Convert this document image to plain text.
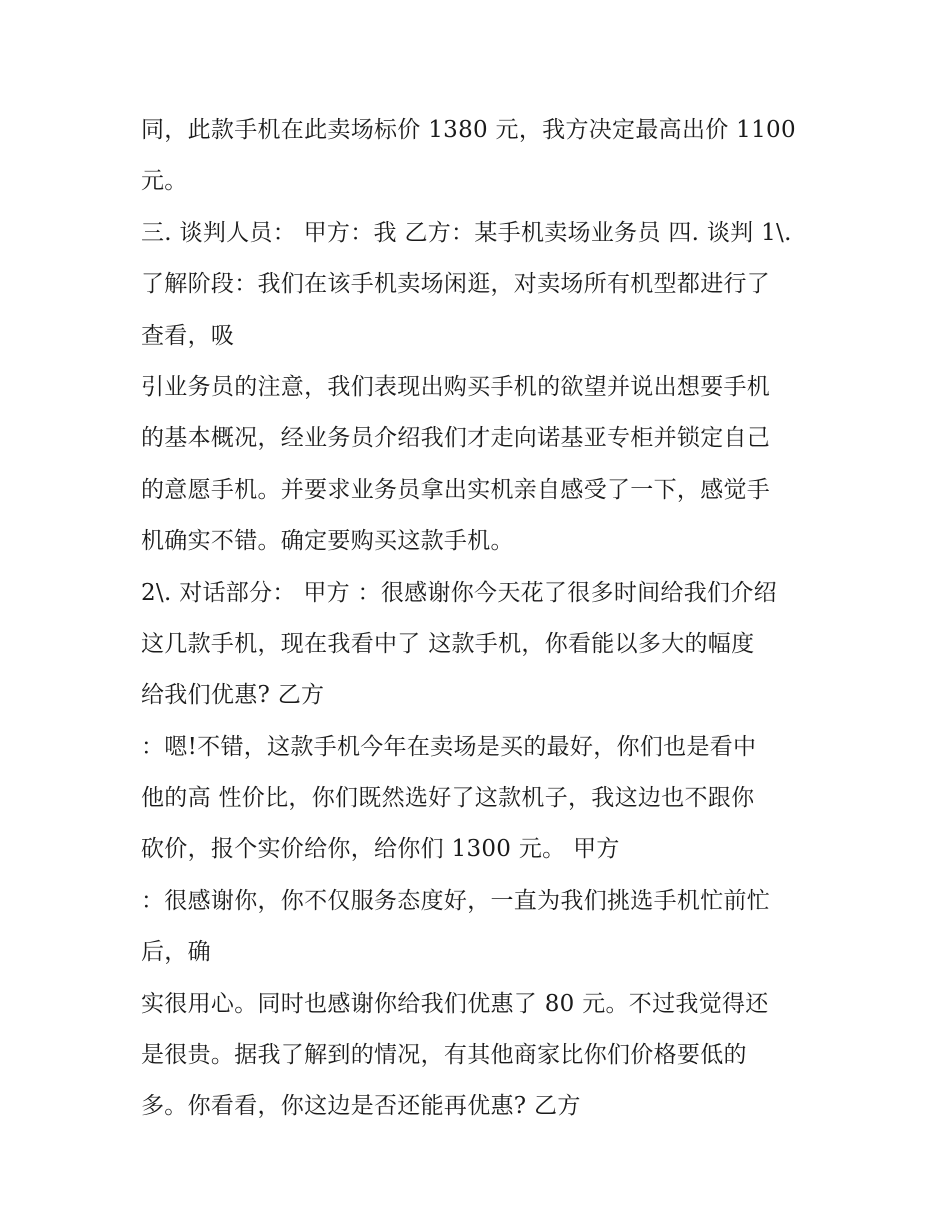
同，此款手机在此卖场标价 1380 元，我方决定最高出价 1100
元。
三. 谈判人员： 甲方：我 乙方：某手机卖场业务员 四. 谈判 1\.
了解阶段：我们在该手机卖场闲逛，对卖场所有机型都进行了
查看，吸
引业务员的注意，我们表现出购买手机的欲望并说出想要手机
的基本概况，经业务员介绍我们才走向诺基亚专柜并锁定自己
的意愿手机。并要求业务员拿出实机亲自感受了一下，感觉手
机确实不错。确定要购买这款手机。
2\. 对话部分： 甲方 ：很感谢你今天花了很多时间给我们介绍
这几款手机，现在我看中了 这款手机，你看能以多大的幅度
给我们优惠? 乙方
：嗯!不错，这款手机今年在卖场是买的最好，你们也是看中
他的高 性价比，你们既然选好了这款机子，我这边也不跟你
砍价，报个实价给你，给你们 1300 元。 甲方
：很感谢你，你不仅服务态度好，一直为我们挑选手机忙前忙
后，确
实很用心。同时也感谢你给我们优惠了 80 元。不过我觉得还
是很贵。据我了解到的情况，有其他商家比你们价格要低的
多。你看看，你这边是否还能再优惠? 乙方
